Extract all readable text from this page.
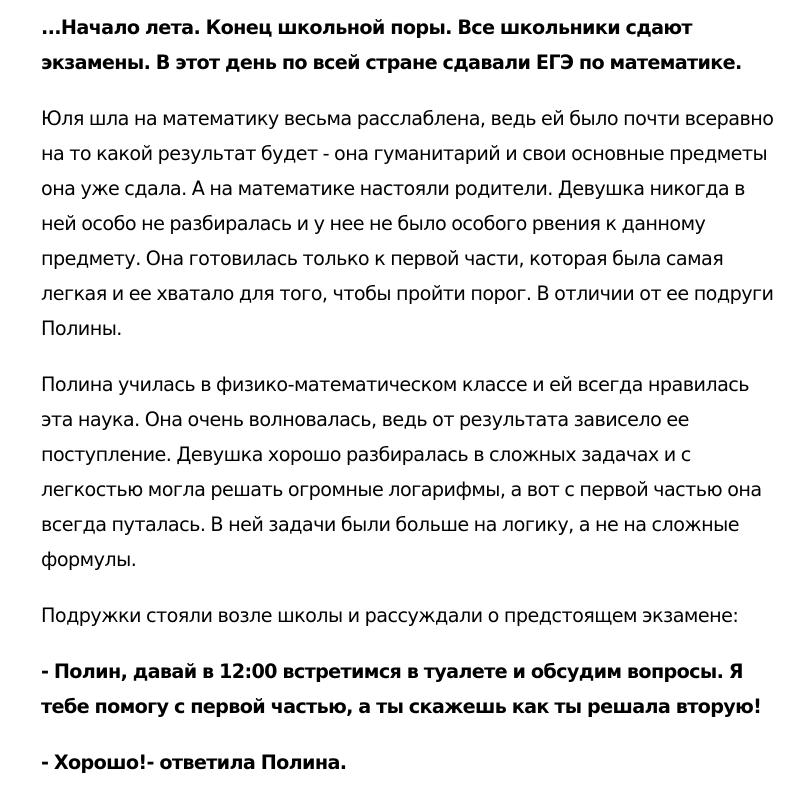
...Начало лета. Конец школьной поры. Все школьники сдают экзамены. В этот день по всей стране сдавали ЕГЭ по математике.

Юля шла на математику весьма расслаблена, ведь ей было почти всеравно на то какой результат будет - она гуманитарий и свои основные предметы она уже сдала. А на математике настояли родители. Девушка никогда в ней особо не разбиралась и у нее не было особого рвения к данному предмету. Она готовилась только к первой части, которая была самая легкая и ее хватало для того, чтобы пройти порог. В отличии от ее подруги Полины.

Полина училась в физико-математическом классе и ей всегда нравилась эта наука. Она очень волновалась, ведь от результата зависело ее поступление. Девушка хорошо разбиралась в сложных задачах и с легкостью могла решать огромные логарифмы, а вот с первой частью она всегда путалась. В ней задачи были больше на логику, а не на сложные формулы.

Подружки стояли возле школы и рассуждали о предстоящем экзамене:

- Полин, давай в 12:00 встретимся в туалете и обсудим вопросы. Я тебе помогу с первой частью, а ты скажешь как ты решала вторую!

- Хорошо!- ответила Полина.
